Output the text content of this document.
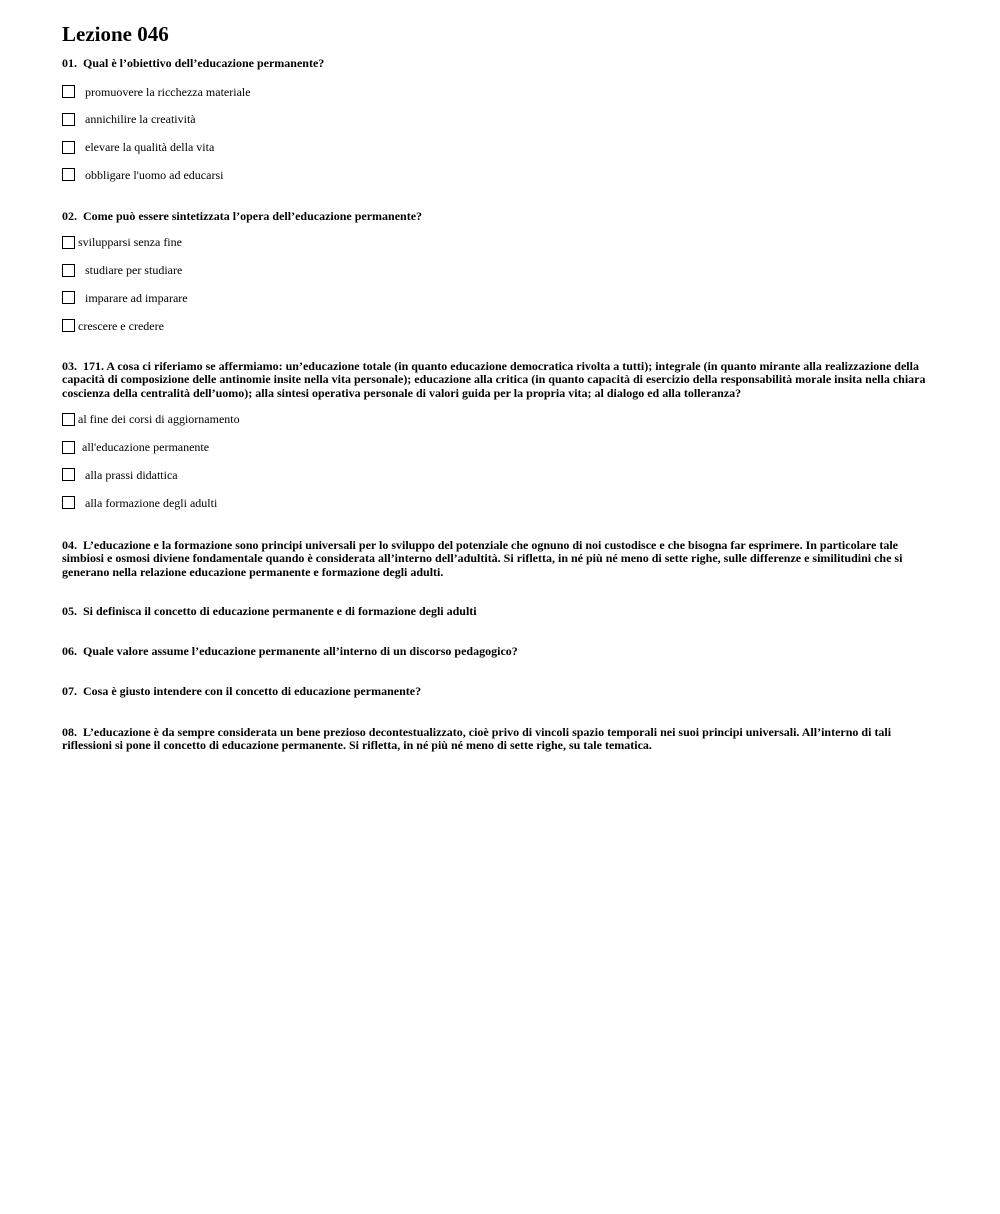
Lezione 046

01. Qual è l’obiettivo dell’educazione permanente?

promuovere la ricchezza materiale
annichilire la creatività
elevare la qualità della vita
obbligare l'uomo ad educarsi

02. Come può essere sintetizzata l’opera dell’educazione permanente?

svilupparsi senza fine
studiare per studiare
imparare ad imparare
crescere e credere

03. 171. A cosa ci riferiamo se affermiamo: un’educazione totale (in quanto educazione democratica rivolta a tutti); integrale (in quanto mirante alla realizzazione della capacità di composizione delle antinomie insite nella vita personale); educazione alla critica (in quanto capacità di esercizio della responsabilità morale insita nella chiara coscienza della centralità dell’uomo); alla sintesi operativa personale di valori guida per la propria vita; al dialogo ed alla tolleranza?

al fine dei corsi di aggiornamento
all'educazione permanente
alla prassi didattica
alla formazione degli adulti

04. L’educazione e la formazione sono principi universali per lo sviluppo del potenziale che ognuno di noi custodisce e che bisogna far esprimere. In particolare tale simbiosi e osmosi diviene fondamentale quando è considerata all’interno dell’adultità. Si rifletta, in né più né meno di sette righe, sulle differenze e similitudini che si generano nella relazione educazione permanente e formazione degli adulti.

05. Si definisca il concetto di educazione permanente e di formazione degli adulti

06. Quale valore assume l’educazione permanente all’interno di un discorso pedagogico?

07. Cosa è giusto intendere con il concetto di educazione permanente?

08. L’educazione è da sempre considerata un bene prezioso decontestualizzato, cioè privo di vincoli spazio temporali nei suoi principi universali. All’interno di tali riflessioni si pone il concetto di educazione permanente. Si rifletta, in né più né meno di sette righe, su tale tematica.
